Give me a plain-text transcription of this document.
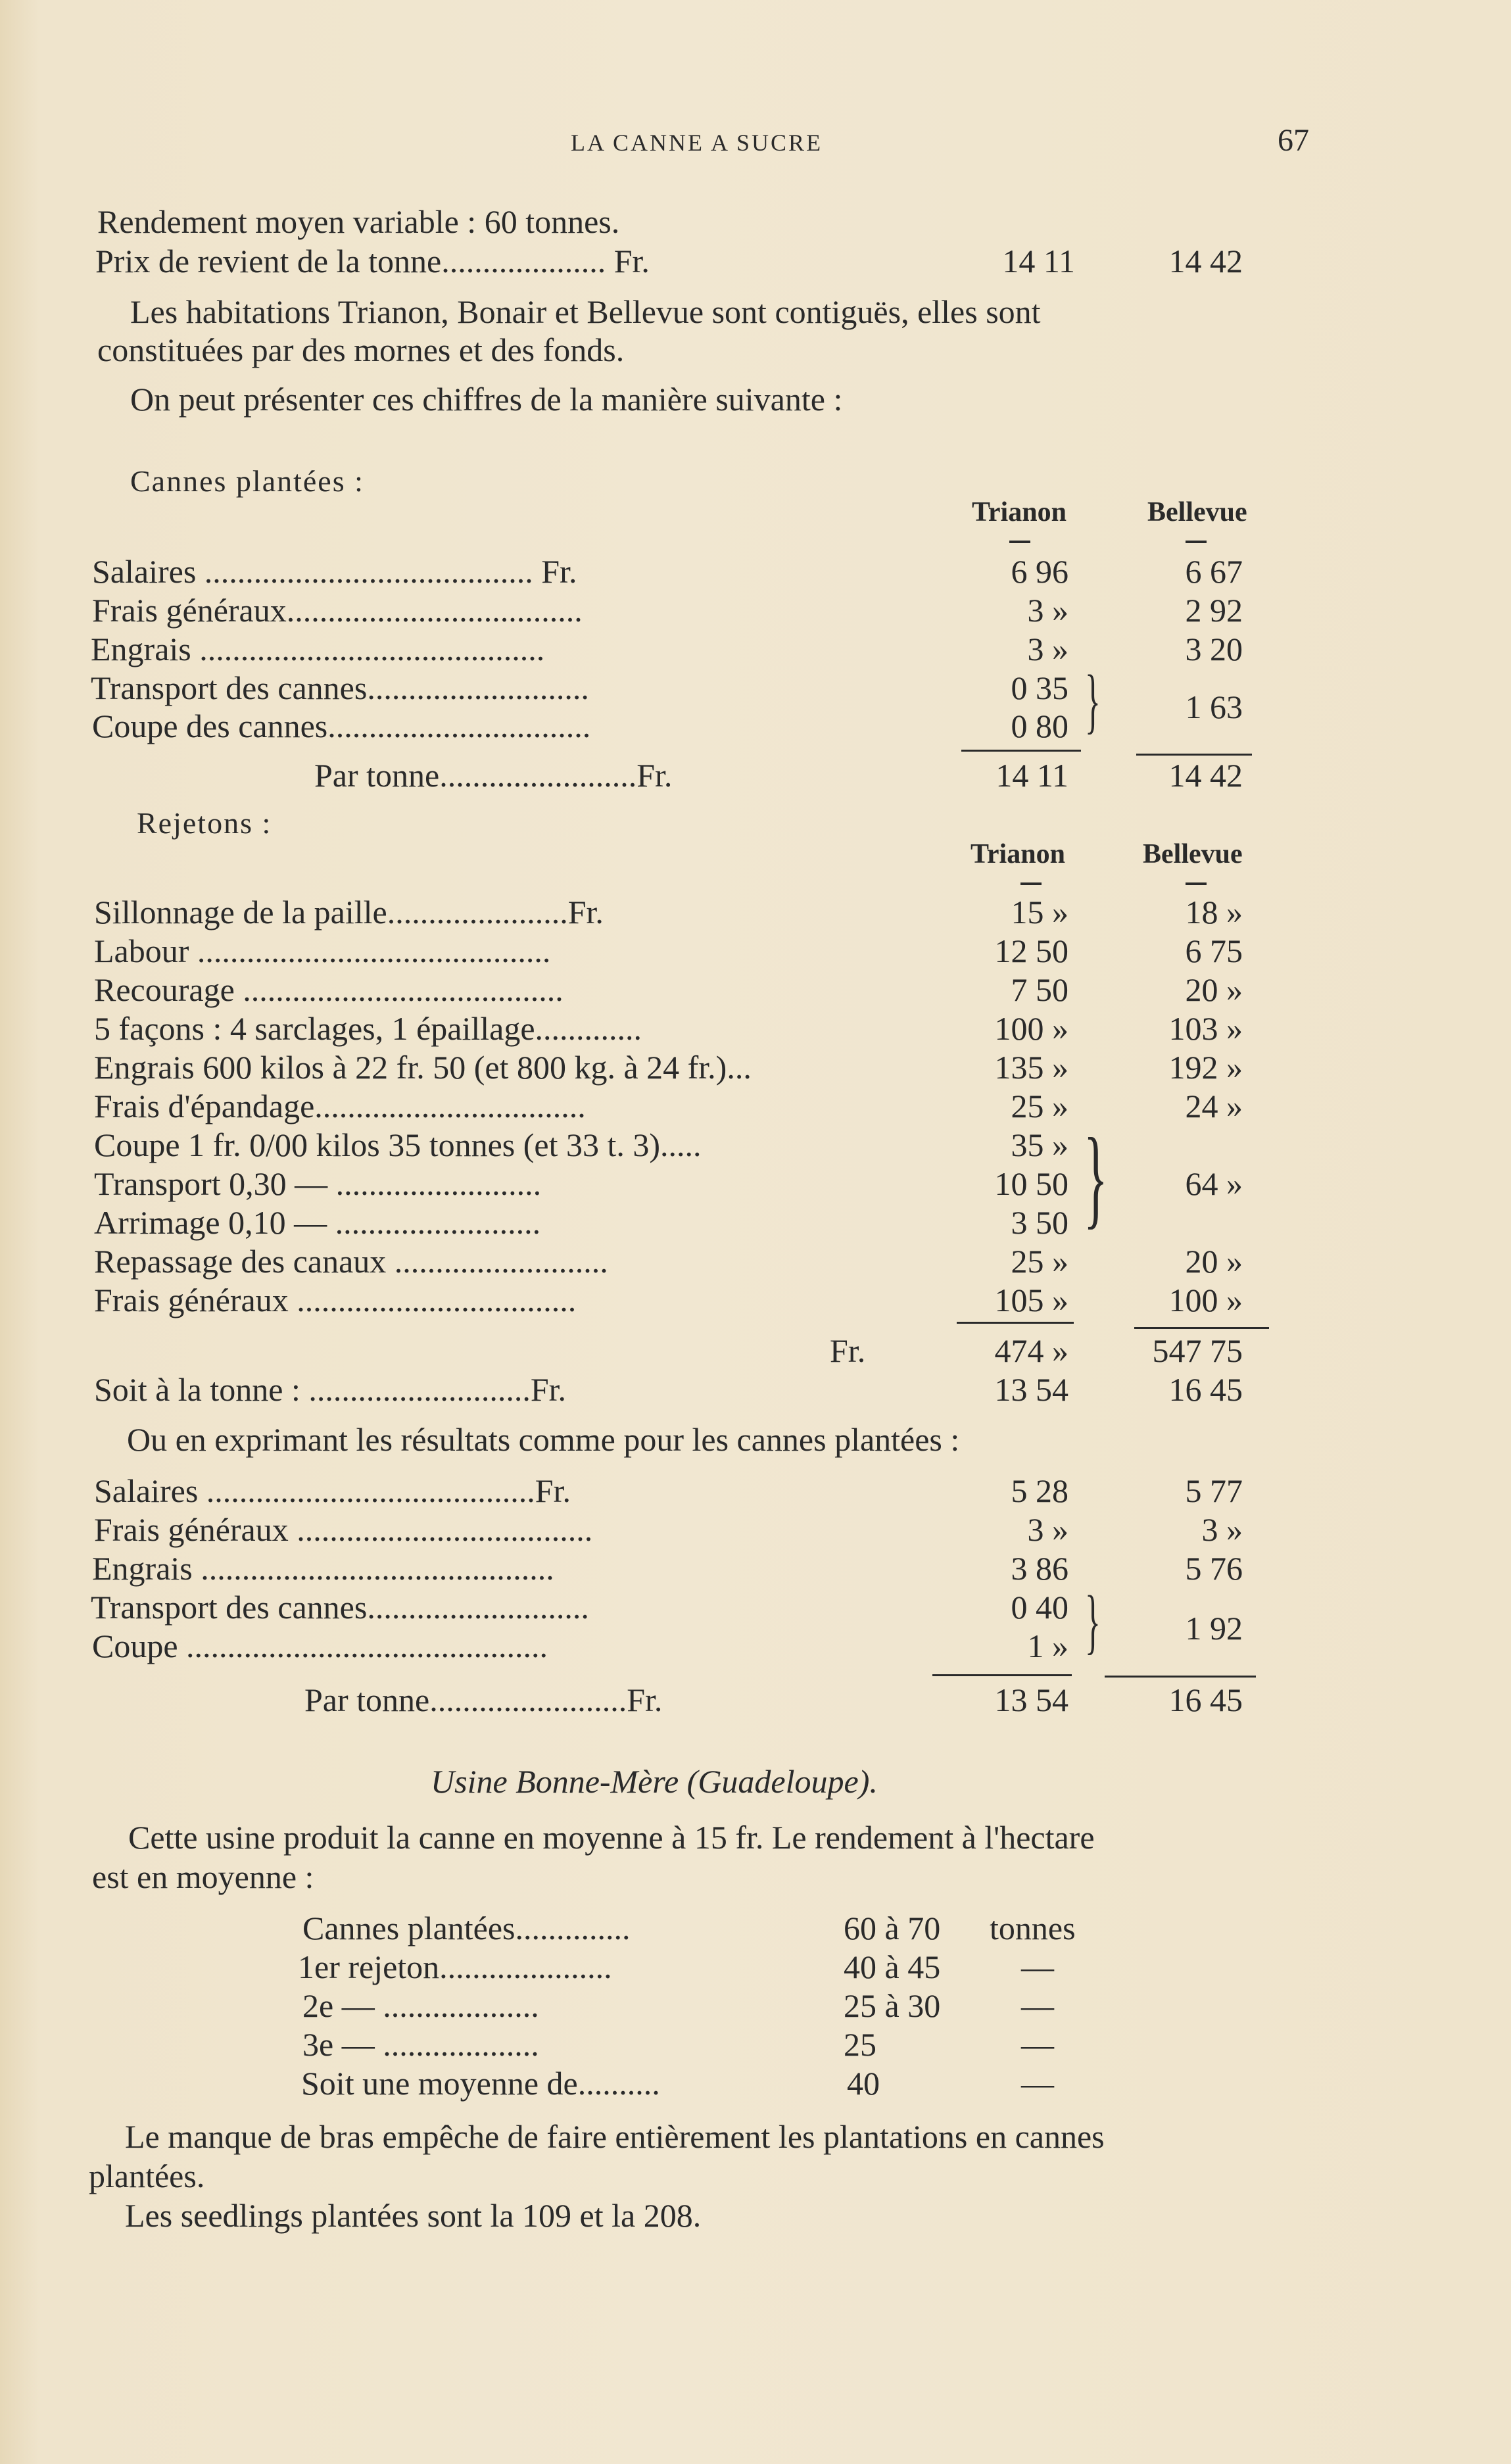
LA CANNE A SUCRE	67
Rendement moyen variable : 60 tonnes.
Prix de revient de la tonne.................... Fr.	14 11	14 42
Les habitations Trianon, Bonair et Bellevue sont contiguës, elles sont
constituées par des mornes et des fonds.
On peut présenter ces chiffres de la manière suivante :
Cannes plantées :
Trianon	Bellevue
Salaires ........................................ Fr.	6 96	6 67
Frais généraux....................................	3 »	2 92
Engrais ..........................................	3 »	3 20
Transport des cannes...........................	0 35
Coupe des cannes................................	0 80 }	1 63
Par tonne........................Fr.	14 11	14 42
Rejetons :
Trianon	Bellevue
Sillonnage de la paille......................Fr.	15 »	18 »
Labour ...........................................	12 50	6 75
Recourage .......................................	7 50	20 »
5 façons : 4 sarclages, 1 épaillage.............	100 »	103 »
Engrais 600 kilos à 22 fr. 50 (et 800 kg. à 24 fr.)...	135 »	192 »
Frais d'épandage.................................	25 »	24 »
Coupe 1 fr. 0/00 kilos 35 tonnes (et 33 t. 3).....	35 »
Transport 0,30 — .........................	10 50
Arrimage 0,10 — .........................	3 50 }	64 »
Repassage des canaux ..........................	25 »	20 »
Frais généraux ..................................	105 »	100 »
Fr.	474 »	547 75
Soit à la tonne : ...........................Fr.	13 54	16 45
Ou en exprimant les résultats comme pour les cannes plantées :
Salaires ........................................Fr.	5 28	5 77
Frais généraux ....................................	3 »	3 »
Engrais ...........................................	3 86	5 76
Transport des cannes...........................	0 40
Coupe ............................................	1 » }	1 92
Par tonne........................Fr.	13 54	16 45
Usine Bonne-Mère (Guadeloupe).
Cette usine produit la canne en moyenne à 15 fr. Le rendement à l'hectare
est en moyenne :
Cannes plantées..............	60 à 70 tonnes
1er rejeton.....................	40 à 45 —
2e — ...................	25 à 30 —
3e — ...................	25	—
Soit une moyenne de..........	40	—
Le manque de bras empêche de faire entièrement les plantations en cannes
plantées.
Les seedlings plantées sont la 109 et la 208.
